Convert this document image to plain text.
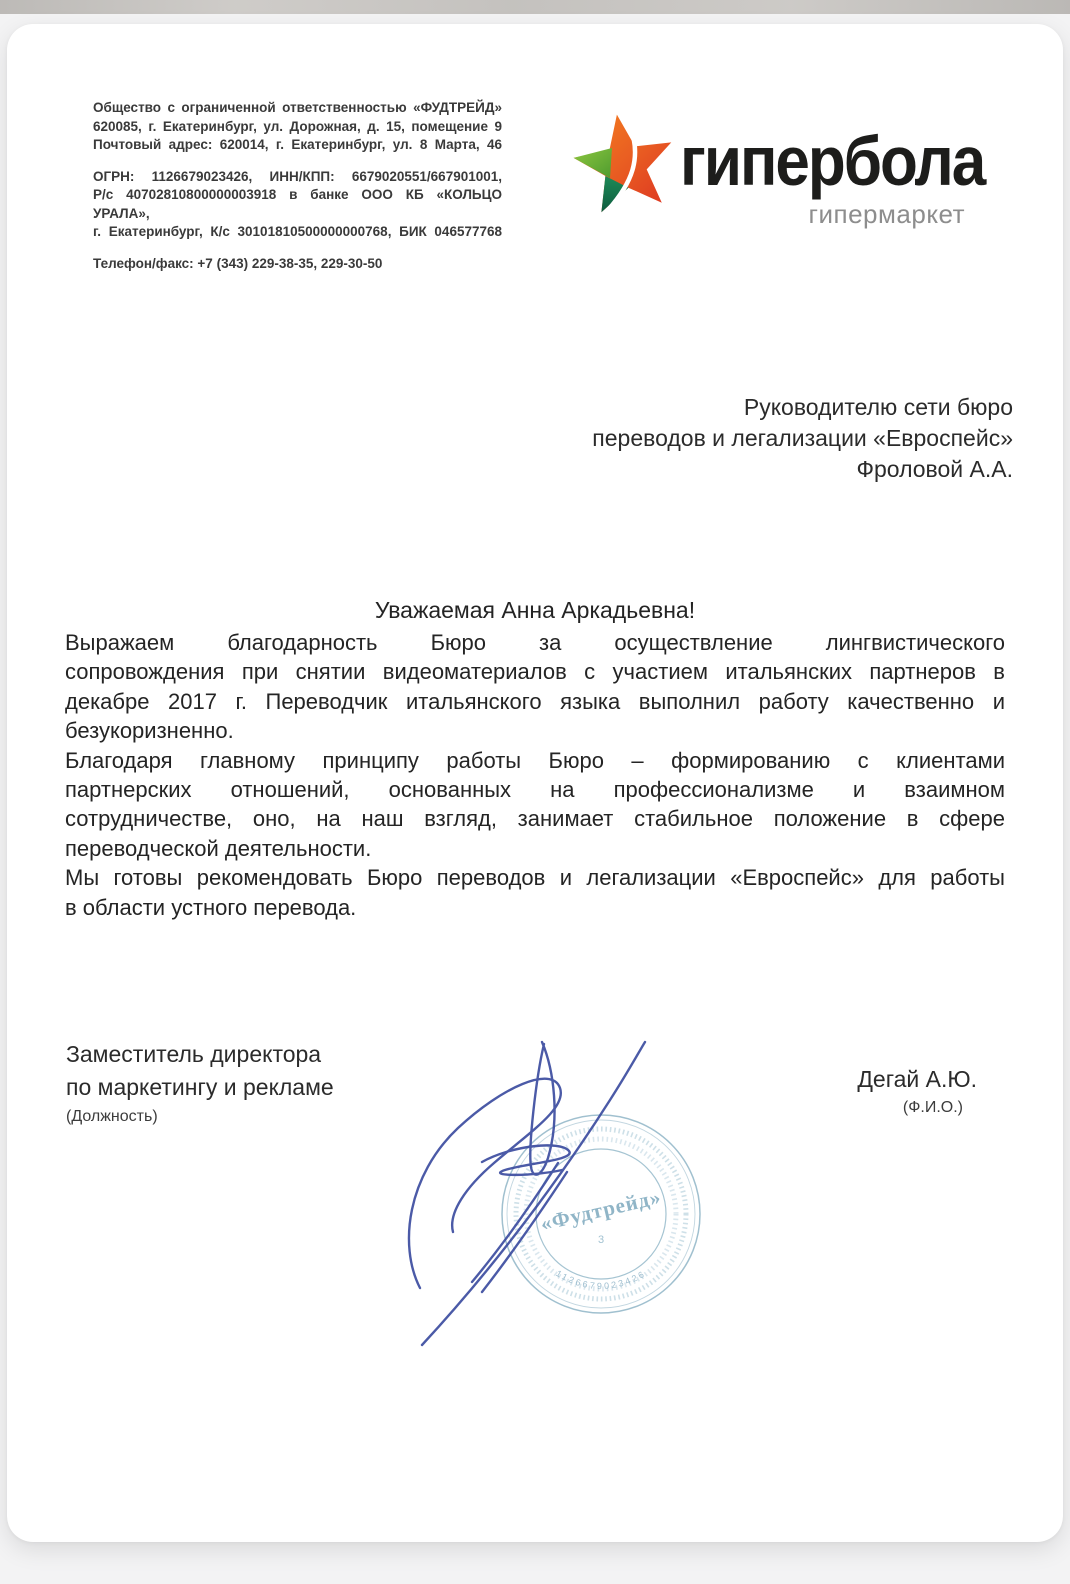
Общество с ограниченной ответственностью «ФУДТРЕЙД»
620085, г. Екатеринбург, ул. Дорожная, д. 15, помещение 9
Почтовый адрес: 620014, г. Екатеринбург, ул. 8 Марта, 46
ОГРН: 1126679023426, ИНН/КПП: 6679020551/667901001,
Р/с 40702810800000003918 в банке ООО КБ «КОЛЬЦО УРАЛА»,
г. Екатеринбург, К/с 30101810500000000768, БИК 046577768
Телефон/факс: +7 (343) 229-38-35, 229-30-50
гипербола
гипермаркет
Руководителю сети бюро
переводов и легализации «Евроспейс»
Фроловой А.А.
Уважаемая Анна Аркадьевна!
Выражаем благодарность Бюро за осуществление лингвистического
сопровождения при снятии видеоматериалов с участием итальянских партнеров в
декабре 2017 г. Переводчик итальянского языка выполнил работу качественно и
безукоризненно.
Благодаря главному принципу работы Бюро – формированию с клиентами
партнерских отношений, основанных на профессионализме и взаимном
сотрудничестве, оно, на наш взгляд, занимает стабильное положение в сфере
переводческой деятельности.
Мы готовы рекомендовать Бюро переводов и легализации «Евроспейс» для работы
в области устного перевода.
Заместитель директора
по маркетингу и рекламе
(Должность)
Дегай А.Ю.
(Ф.И.О.)
1126679023426
«Фудтрейд»
3
